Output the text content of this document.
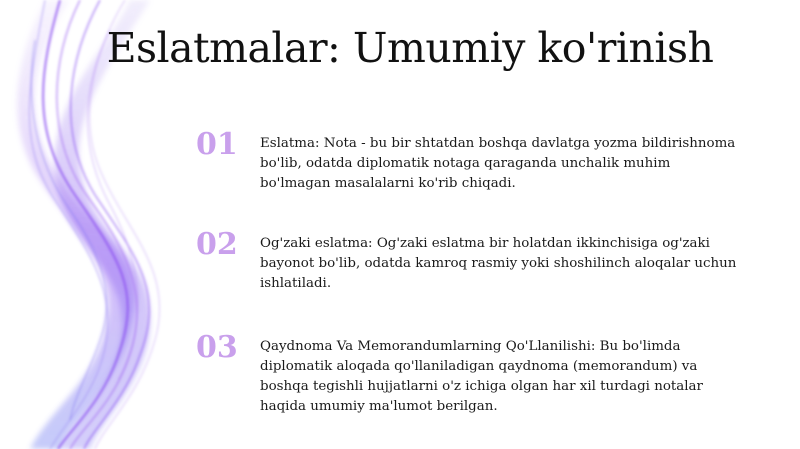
Eslatmalar: Umumiy ko'rinish
01	Eslatma: Nota - bu bir shtatdan boshqa davlatga yozma bildirishnoma bo'lib, odatda diplomatik notaga qaraganda unchalik muhim bo'lmagan masalalarni ko'rib chiqadi.
02	Og'zaki eslatma: Og'zaki eslatma bir holatdan ikkinchisiga og'zaki bayonot bo'lib, odatda kamroq rasmiy yoki shoshilinch aloqalar uchun ishlatiladi.
03	Qaydnoma Va Memorandumlarning Qo'Llanilishi: Bu bo'limda diplomatik aloqada qo'llaniladigan qaydnoma (memorandum) va boshqa tegishli hujjatlarni o'z ichiga olgan har xil turdagi notalar haqida umumiy ma'lumot berilgan.
